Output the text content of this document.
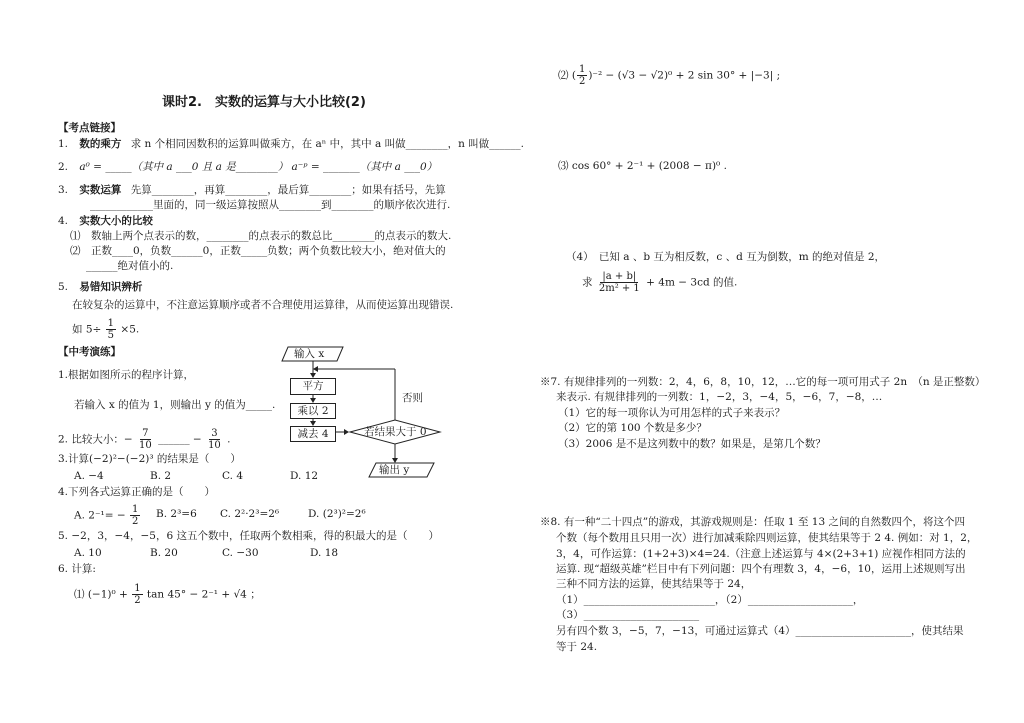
课时2.　实数的运算与大小比较(2)
【考点链接】
1. 数的乘方 求 n 个相同因数积的运算叫做乘方，在 aⁿ 中，其中 a 叫做________，n 叫做______.
2. a⁰ = _____（其中 a ___0 且 a 是________） a⁻ᵖ = _______（其中 a ___0）
3. 实数运算 先算________，再算________，最后算________；如果有括号，先算
____________里面的，同一级运算按照从________到________的顺序依次进行.
4. 实数大小的比较
⑴　数轴上两个点表示的数，________的点表示的数总比________的点表示的数大.
⑵　正数____0，负数______0，正数_____负数；两个负数比较大小，绝对值大的
______绝对值小的.
5. 易错知识辨析
在较复杂的运算中，不注意运算顺序或者不合理使用运算律，从而使运算出现错误.
如 $5\div \frac{1}{5} \times 5$.
【中考演练】
1.根据如图所示的程序计算，
若输入 x 的值为 1，则输出 y 的值为_____.
2. 比较大小：− $\frac{7}{10}$ ______ − $\frac{3}{10}$ .
3.计算(−2)²−(−2)³ 的结果是（　　）
A. −4	B. 2	C. 4	D. 12
4.下列各式运算正确的是（　　）
A. $2^{-1}= - \frac{1}{2} B$. 2³=6 C. 2²·2³=2⁶	D. (2³)²=2⁶
5. −2，3，−4，−5，6 这五个数中，任取两个数相乘，得的积最大的是（　　）
A. 10	B. 20	C. −30	D. 18
6. 计算:
⑴ $(-1)^0 + \frac{1}{2}$ tan 45° − 2⁻¹ + √4 ；
输入 x
平方
乘以 2
减去 4	若结果大于 0
输出 y
否则
⑵ ( $\frac{1}{2} )^{-2} - (√3 - √2)^0 + 2$ sin 30° + |−3| ;
⑶ cos 60° + 2⁻¹ + (2008 − π)⁰ .
（4）　已知 a 、b 互为相反数，c 、d 互为倒数，m 的绝对值是 2，
求 $\frac{|a + b|}{\text{2m² + 1}} + 4m - 3cd$ 的值.
※7. 有规律排列的一列数：2，4，6，8，10，12，…它的每一项可用式子 2n　（n 是正整数）
来表示. 有规律排列的一列数：1，−2，3，−4，5，−6，7，−8，…
（1）它的每一项你认为可用怎样的式子来表示？
（2）它的第 100 个数是多少？
（3）2006 是不是这列数中的数？如果是，是第几个数？
※8. 有一种“二十四点”的游戏，其游戏规则是：任取 1 至 13 之间的自然数四个，将这个四
个数（每个数用且只用一次）进行加减乘除四则运算，使其结果等于 2 4. 例如：对 1，2，
3，4，可作运算：(1+2+3)×4=24.（注意上述运算与 4×(2+3+1) 应视作相同方法的
运算. 现“超级英雄”栏目中有下列问题：四个有理数 3，4，−6，10，运用上述规则写出
三种不同方法的运算，使其结果等于 24，
（1）_________________________，（2）____________________，
（3）______________________
另有四个数 3，−5，7，−13，可通过运算式（4）______________________，使其结果
等于 24.
